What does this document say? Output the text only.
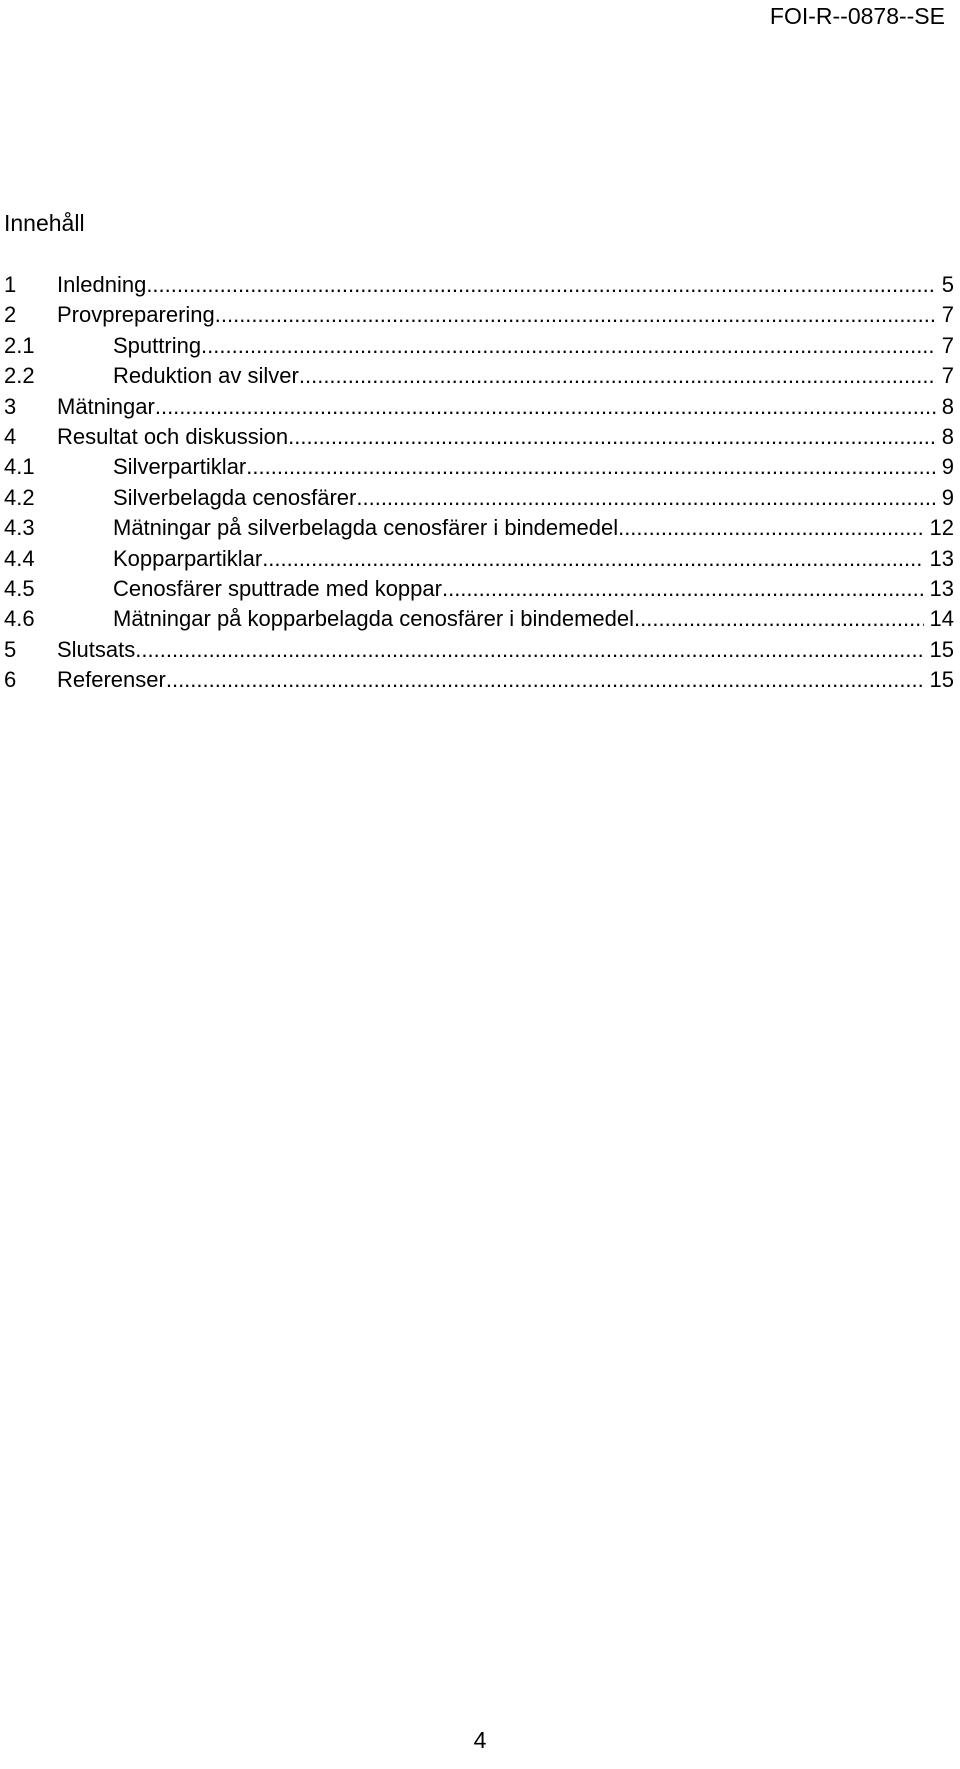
FOI-R--0878--SE
Innehåll
1	Inledning .....	5
2	Provpreparering .....	7
2.1	Sputtring. .....	7
2.2	Reduktion av silver .....	7
3	Mätningar .....	8
4	Resultat och diskussion .....	8
4.1	Silverpartiklar .....	9
4.2	Silverbelagda cenosfärer .....	9
4.3	Mätningar på silverbelagda cenosfärer i bindemedel .....	12
4.4	Kopparpartiklar .....	13
4.5	Cenosfärer sputtrade med koppar .....	13
4.6	Mätningar på kopparbelagda cenosfärer i bindemedel .....	14
5	Slutsats .....	15
6	Referenser .....	15
4
